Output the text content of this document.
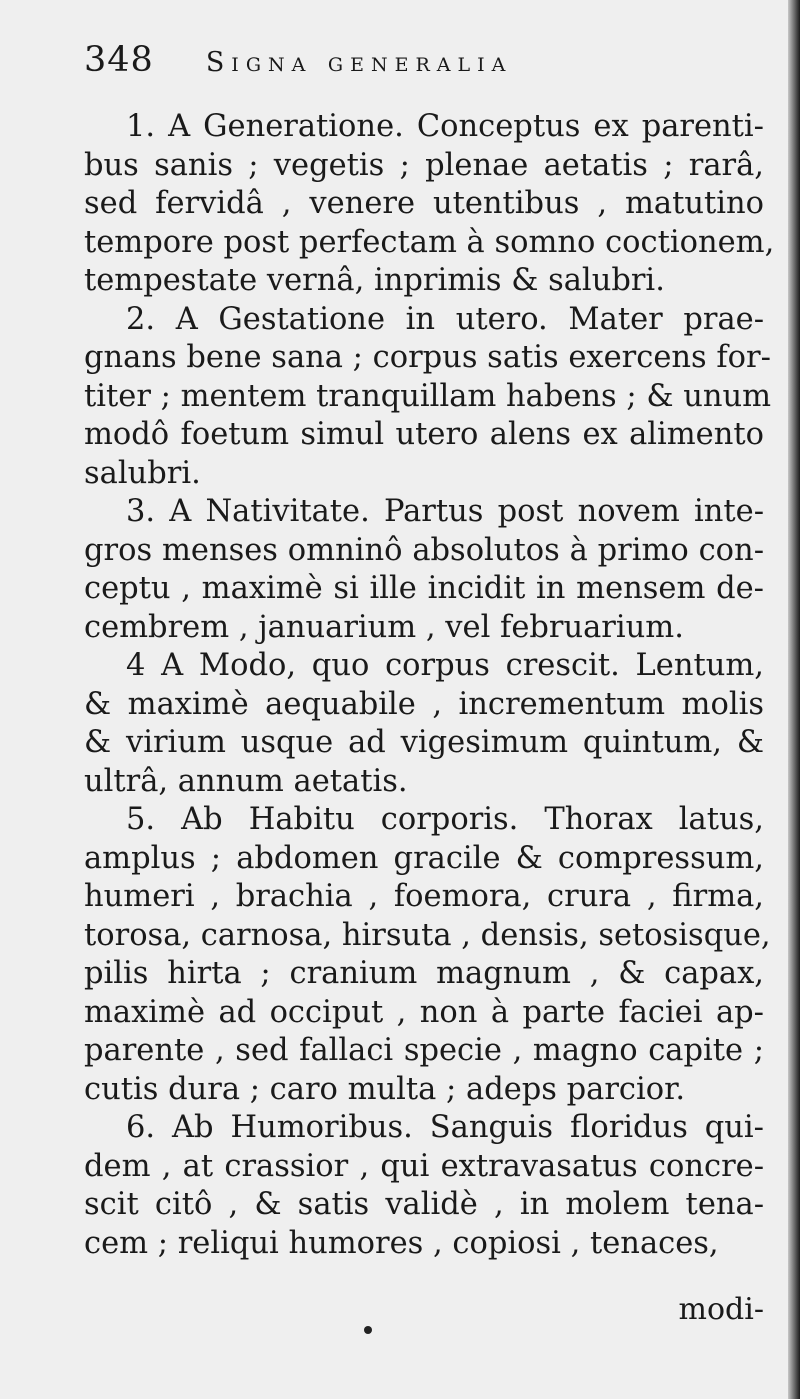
348 Signa generalia
1. A Generatione. Conceptus ex parenti-
bus sanis ; vegetis ; plenae aetatis ; rarâ,
sed fervidâ , venere utentibus , matutino
tempore post perfectam à somno coctionem,
tempestate vernâ, inprimis & salubri.
2. A Gestatione in utero. Mater prae-
gnans bene sana ; corpus satis exercens for-
titer ; mentem tranquillam habens ; & unum
modô foetum simul utero alens ex alimento
salubri.
3. A Nativitate. Partus post novem inte-
gros menses omninô absolutos à primo con-
ceptu , maximè si ille incidit in mensem de-
cembrem , januarium , vel februarium.
4 A Modo, quo corpus crescit. Lentum,
& maximè aequabile , incrementum molis
& virium usque ad vigesimum quintum, &
ultrâ, annum aetatis.
5. Ab Habitu corporis. Thorax latus,
amplus ; abdomen gracile & compressum,
humeri , brachia , foemora, crura , firma,
torosa, carnosa, hirsuta , densis, setosisque,
pilis hirta ; cranium magnum , & capax,
maximè ad occiput , non à parte faciei ap-
parente , sed fallaci specie , magno capite ;
cutis dura ; caro multa ; adeps parcior.
6. Ab Humoribus. Sanguis floridus qui-
dem , at crassior , qui extravasatus concre-
scit citô , & satis validè , in molem tena-
cem ; reliqui humores , copiosi , tenaces,
modi-
